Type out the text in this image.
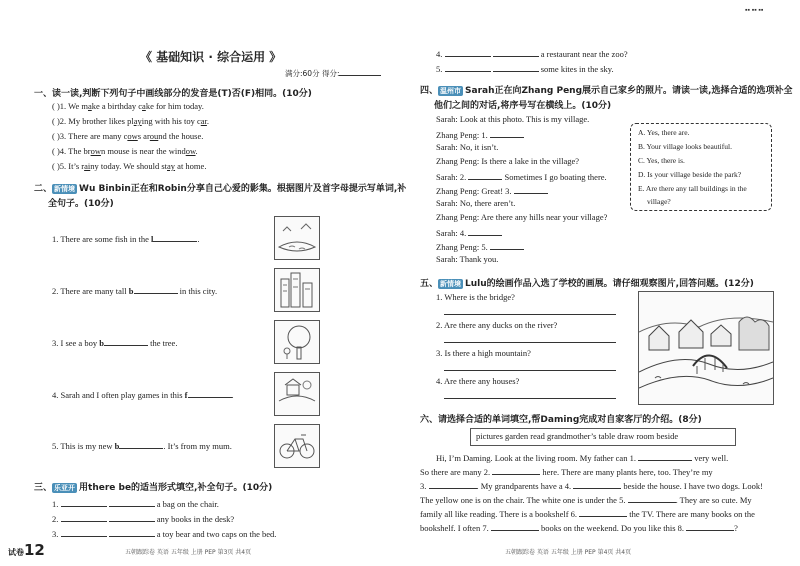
▪▪ ▪▪ ▪▪
《 基础知识 · 综合运用 》
满分:60分 得分:
一、读一读,判断下列句子中画线部分的发音是(T)否(F)相同。(10分)
( )1. We make a birthday cake for him today.
( )2. My brother likes playing with his toy car.
( )3. There are many cows around the house.
( )4. The brown mouse is near the window.
( )5. It’s rainy today. We should stay at home.
二、 新情境 Wu Binbin正在和Robin分享自己心爱的影集。根据图片及首字母提示写单词,补
全句子。(10分)
1. There are some fish in the l	.
2. There are many tall b	in this city.
3. I see a boy b	the tree.
4. Sarah and I often play games in this f	.
5. This is my new b	. It’s from my mum.
三、 乐亚开 用there be的适当形式填空,补全句子。(10分)
1.	a bag on the chair.
2.	any books in the desk?
3.	a toy bear and two caps on the bed.
试卷12	五朝跟踪卷 英语 五年级 上册 PEP 第3页 共4页
4.	a restaurant near the zoo?
5.	some kites in the sky.
四、 温州市 Sarah正在向Zhang Peng展示自己家乡的照片。请读一读,选择合适的选项补全
他们之间的对话,将序号写在横线上。(10分)
Sarah: Look at this photo. This is my village.
Zhang Peng: 1.
Sarah: No, it isn’t.
Zhang Peng: Is there a lake in the village?
Sarah: 2.	Sometimes I go boating there.
Zhang Peng: Great! 3.
Sarah: No, there aren’t.
Zhang Peng: Are there any hills near your village?
Sarah: 4.
Zhang Peng: 5.
Sarah: Thank you.
A. Yes, there are.
B. Your village looks beautiful.
C. Yes, there is.
D. Is your village beside the park?
E. Are there any tall buildings in the
village?
五、 新情境 Lulu的绘画作品入选了学校的画展。请仔细观察图片,回答问题。(12分)
1. Where is the bridge?
2. Are there any ducks on the river?
3. Is there a high mountain?
4. Are there any houses?
六、请选择合适的单词填空,帮Daming完成对自家客厅的介绍。(8分)
pictures garden read grandmother’s table draw room beside
Hi, I’m Daming. Look at the living room. My father can 1.	very well.
So there are many 2.	here. There are many plants here, too. They’re my
3.	. My grandparents have a 4.	beside the house. I have two dogs. Look!
The yellow one is on the chair. The white one is under the 5.	. They are so cute. My
family all like reading. There is a bookshelf 6.	the TV. There are many books on the
bookshelf. I often 7.	books on the weekend. Do you like this 8.	?
五朝跟踪卷 英语 五年级 上册 PEP 第4页 共4页
